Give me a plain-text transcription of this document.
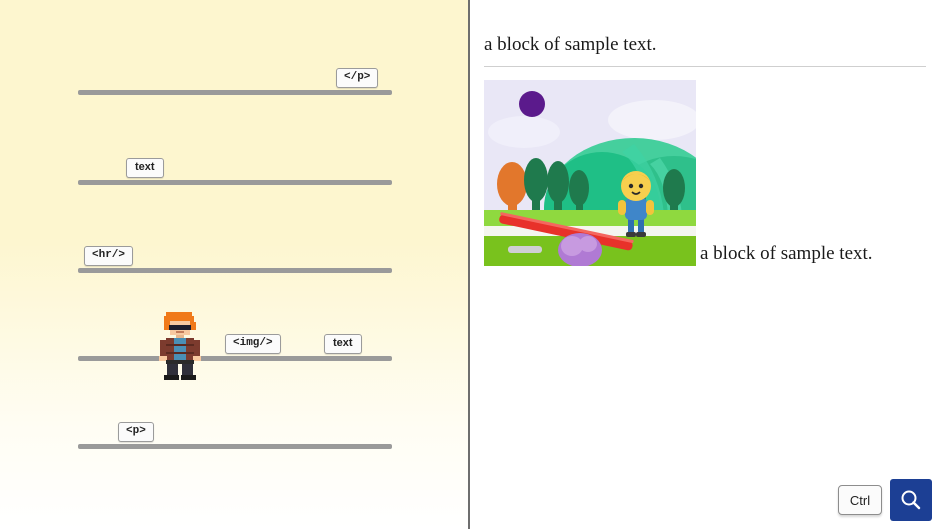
</p>
text
<hr/>
<img/>	text
<p>
a block of sample text.
a block of sample text.
Ctrl
